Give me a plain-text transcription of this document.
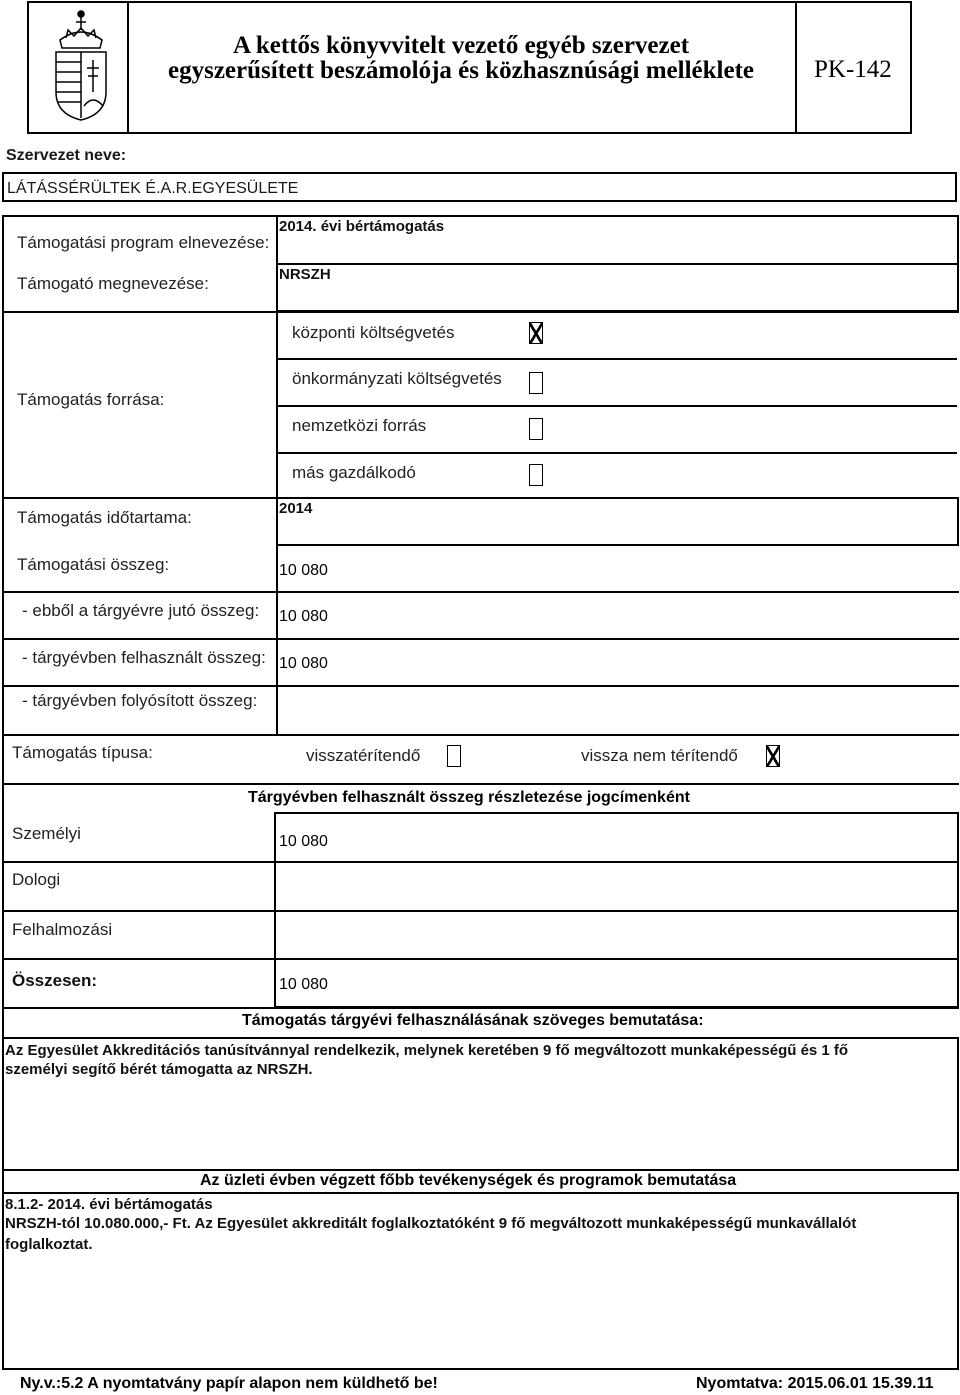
A kettős könyvvitelt vezető egyéb szervezet
egyszerűsített beszámolója és közhasznúsági melléklete	PK-142
Szervezet neve:
LÁTÁSSÉRÜLTEK É.A.R.EGYESÜLETE
Támogatási program elnevezése:
2014. évi bértámogatás
Támogató megnevezése:	NRSZH
Támogatás forrása:
központi költségvetés
önkormányzati költségvetés
nemzetközi forrás
más gazdálkodó
Támogatás időtartama:	2014
Támogatási összeg:	10 080
- ebből a tárgyévre jutó összeg: 10 080
- tárgyévben felhasznált összeg: 10 080
- tárgyévben folyósított összeg:
Támogatás típusa:	visszatérítendő	vissza nem térítendő
Tárgyévben felhasznált összeg részletezése jogcímenként
Személyi	10 080
Dologi
Felhalmozási
Összesen:	10 080
Támogatás tárgyévi felhasználásának szöveges bemutatása:
Az Egyesület Akkreditációs tanúsítvánnyal rendelkezik, melynek keretében 9 fő megváltozott munkaképességű és 1 fő
személyi segítő bérét támogatta az NRSZH.
Az üzleti évben végzett főbb tevékenységek és programok bemutatása
8.1.2- 2014. évi bértámogatás
NRSZH-tól 10.080.000,- Ft. Az Egyesület akkreditált foglalkoztatóként 9 fő megváltozott munkaképességű munkavállalót
foglalkoztat.
Ny.v.:5.2 A nyomtatvány papír alapon nem küldhető be!	Nyomtatva: 2015.06.01 15.39.11
